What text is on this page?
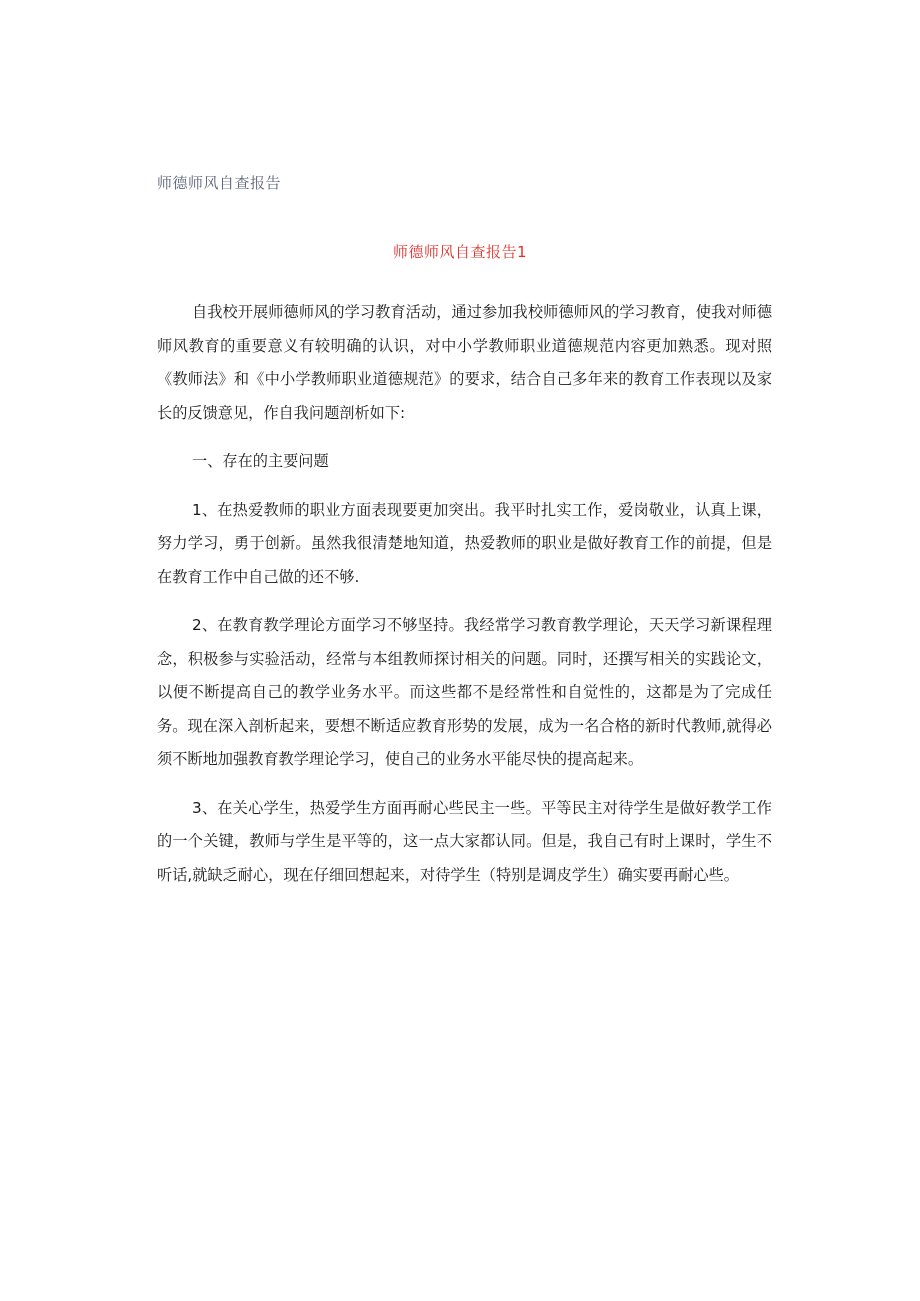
师德师风自查报告
师德师风自查报告1

自我校开展师德师风的学习教育活动，通过参加我校师德师风的学习教育，使我对师德师风教育的重要意义有较明确的认识，对中小学教师职业道德规范内容更加熟悉。现对照《教师法》和《中小学教师职业道德规范》的要求，结合自己多年来的教育工作表现以及家长的反馈意见，作自我问题剖析如下:

一、存在的主要问题

1、在热爱教师的职业方面表现要更加突出。我平时扎实工作，爱岗敬业，认真上课，努力学习，勇于创新。虽然我很清楚地知道，热爱教师的职业是做好教育工作的前提，但是在教育工作中自己做的还不够.

2、在教育教学理论方面学习不够坚持。我经常学习教育教学理论，天天学习新课程理念，积极参与实验活动，经常与本组教师探讨相关的问题。同时，还撰写相关的实践论文，以便不断提高自己的教学业务水平。而这些都不是经常性和自觉性的，这都是为了完成任务。现在深入剖析起来，要想不断适应教育形势的发展，成为一名合格的新时代教师,就得必须不断地加强教育教学理论学习，使自己的业务水平能尽快的提高起来。

3、在关心学生，热爱学生方面再耐心些民主一些。平等民主对待学生是做好教学工作的一个关键，教师与学生是平等的，这一点大家都认同。但是，我自己有时上课时，学生不听话,就缺乏耐心，现在仔细回想起来，对待学生（特别是调皮学生）确实要再耐心些。
